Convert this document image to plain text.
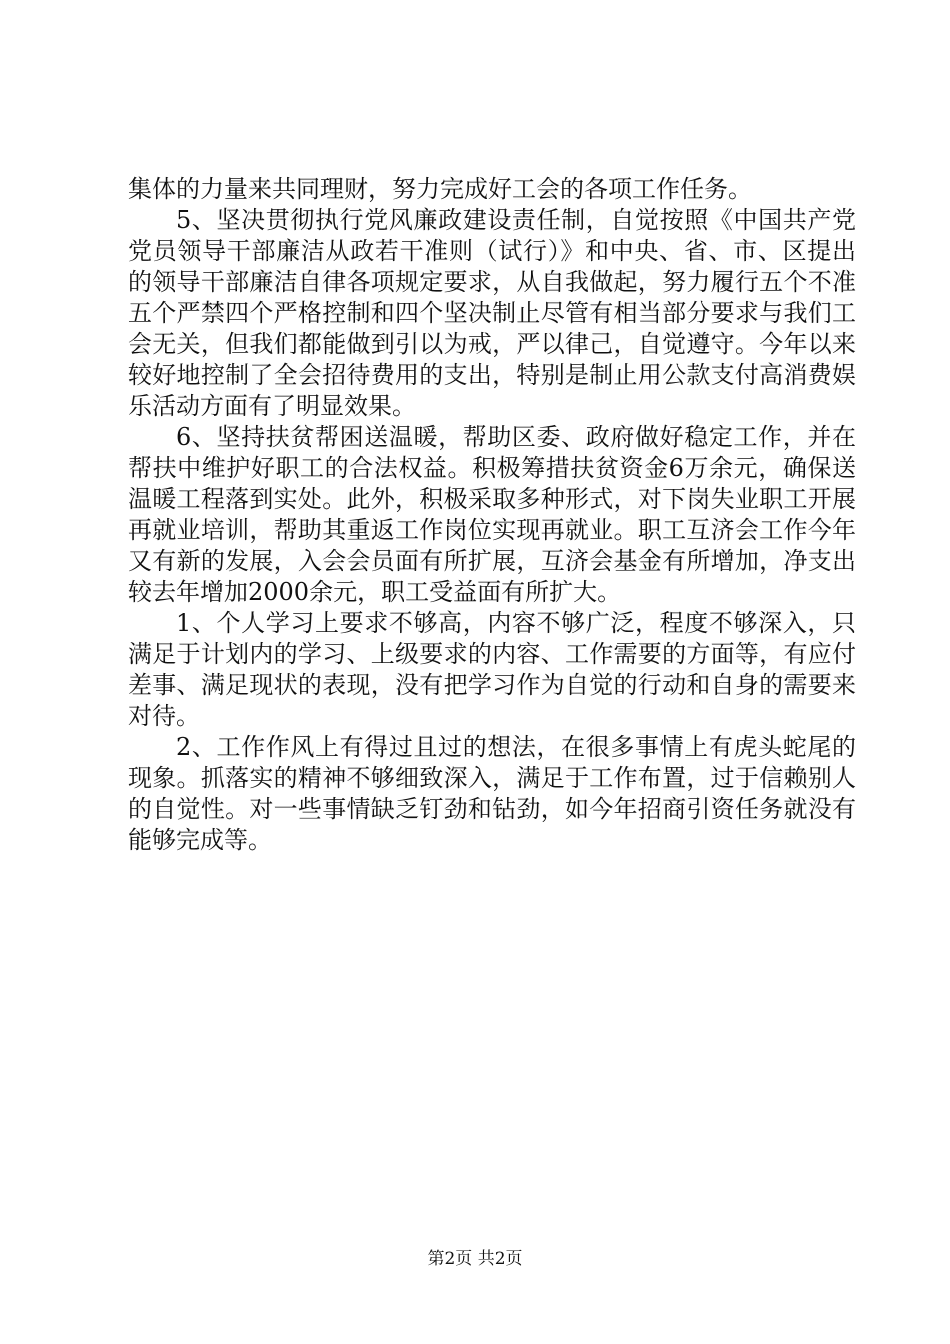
集体的力量来共同理财，努力完成好工会的各项工作任务。

5、坚决贯彻执行党风廉政建设责任制，自觉按照《中国共产党党员领导干部廉洁从政若干准则（试行）》和中央、省、市、区提出的领导干部廉洁自律各项规定要求，从自我做起，努力履行五个不准五个严禁四个严格控制和四个坚决制止尽管有相当部分要求与我们工会无关，但我们都能做到引以为戒，严以律己，自觉遵守。今年以来较好地控制了全会招待费用的支出，特别是制止用公款支付高消费娱乐活动方面有了明显效果。

6、坚持扶贫帮困送温暖，帮助区委、政府做好稳定工作，并在帮扶中维护好职工的合法权益。积极筹措扶贫资金6万余元，确保送温暖工程落到实处。此外，积极采取多种形式，对下岗失业职工开展再就业培训，帮助其重返工作岗位实现再就业。职工互济会工作今年又有新的发展，入会会员面有所扩展，互济会基金有所增加，净支出较去年增加2000余元，职工受益面有所扩大。

1、个人学习上要求不够高，内容不够广泛，程度不够深入，只满足于计划内的学习、上级要求的内容、工作需要的方面等，有应付差事、满足现状的表现，没有把学习作为自觉的行动和自身的需要来对待。

2、工作作风上有得过且过的想法，在很多事情上有虎头蛇尾的现象。抓落实的精神不够细致深入，满足于工作布置，过于信赖别人的自觉性。对一些事情缺乏钉劲和钻劲，如今年招商引资任务就没有能够完成等。

第2页 共2页
